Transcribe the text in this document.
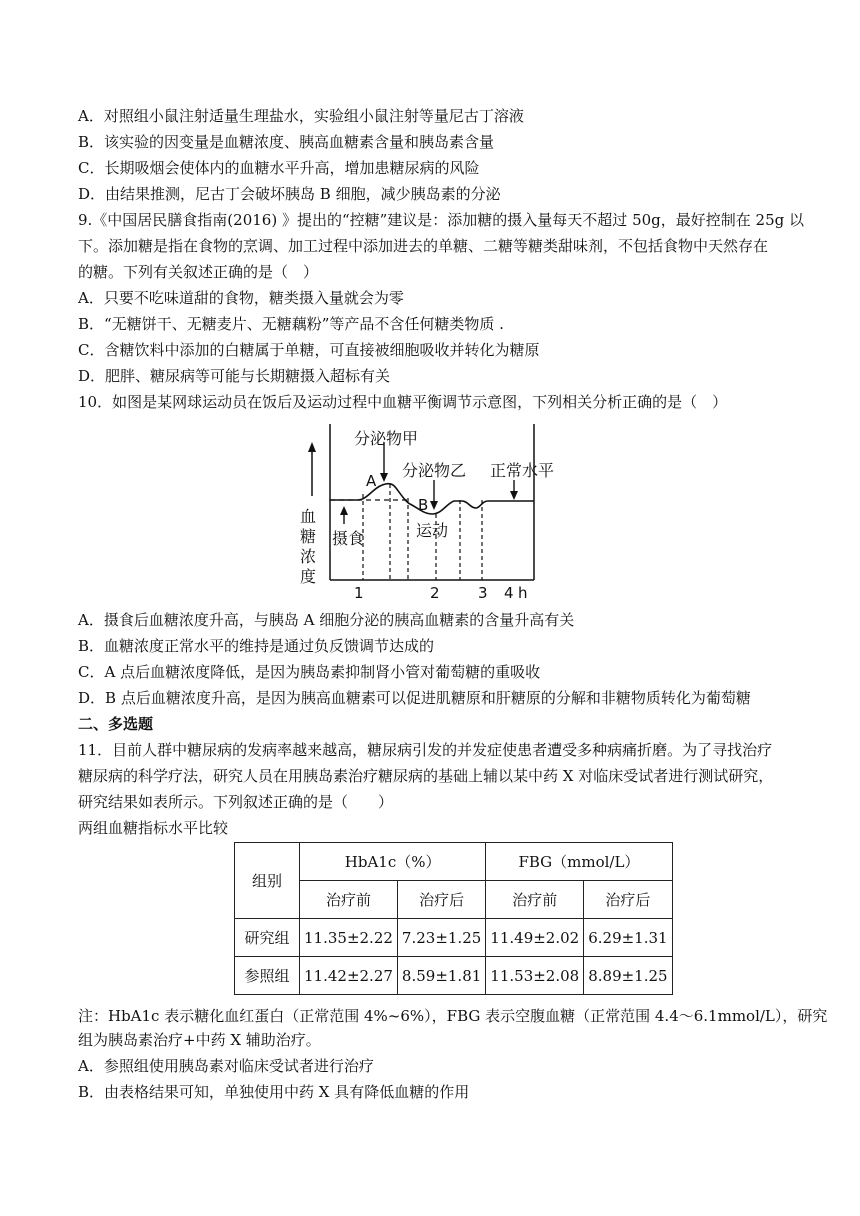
A．对照组小鼠注射适量生理盐水，实验组小鼠注射等量尼古丁溶液
B．该实验的因变量是血糖浓度、胰高血糖素含量和胰岛素含量
C．长期吸烟会使体内的血糖水平升高，增加患糖尿病的风险
D．由结果推测，尼古丁会破坏胰岛 B 细胞，减少胰岛素的分泌
9.《中国居民膳食指南(2016) 》提出的“控糖”建议是：添加糖的摄入量每天不超过 50g，最好控制在 25g 以
下。添加糖是指在食物的烹调、加工过程中添加进去的单糖、二糖等糖类甜味剂，不包括食物中天然存在
的糖。下列有关叙述正确的是（　）
A．只要不吃味道甜的食物，糖类摄入量就会为零
B．“无糖饼干、无糖麦片、无糖藕粉”等产品不含任何糖类物质 .
C．含糖饮料中添加的白糖属于单糖，可直接被细胞吸收并转化为糖原
D．肥胖、糖尿病等可能与长期糖摄入超标有关
10．如图是某网球运动员在饭后及运动过程中血糖平衡调节示意图，下列相关分析正确的是（　）
血
糖
浓
度
分泌物甲
A
分泌物乙
B
正常水平
摄食	运动
1	2	3 4 h
A．摄食后血糖浓度升高，与胰岛 A 细胞分泌的胰高血糖素的含量升高有关
B．血糖浓度正常水平的维持是通过负反馈调节达成的
C．A 点后血糖浓度降低，是因为胰岛素抑制肾小管对葡萄糖的重吸收
D．B 点后血糖浓度升高，是因为胰高血糖素可以促进肌糖原和肝糖原的分解和非糖物质转化为葡萄糖
二、多选题
11．目前人群中糖尿病的发病率越来越高，糖尿病引发的并发症使患者遭受多种病痛折磨。为了寻找治疗
糖尿病的科学疗法，研究人员在用胰岛素治疗糖尿病的基础上辅以某中药 X 对临床受试者进行测试研究，
研究结果如表所示。下列叙述正确的是（　　）
两组血糖指标水平比较
组别	HbA1c（%）		FBG（mmol/L）	
	治疗前	治疗后	治疗前	治疗后
研究组	11.35±2.22	7.23±1.25	11.49±2.02	6.29±1.31
参照组	11.42±2.27	8.59±1.81	11.53±2.08	8.89±1.25
注：HbA1c 表示糖化血红蛋白（正常范围 4%~6%），FBG 表示空腹血糖（正常范围 4.4～6.1mmol/L），研究
组为胰岛素治疗+中药 X 辅助治疗。
A．参照组使用胰岛素对临床受试者进行治疗
B．由表格结果可知，单独使用中药 X 具有降低血糖的作用
